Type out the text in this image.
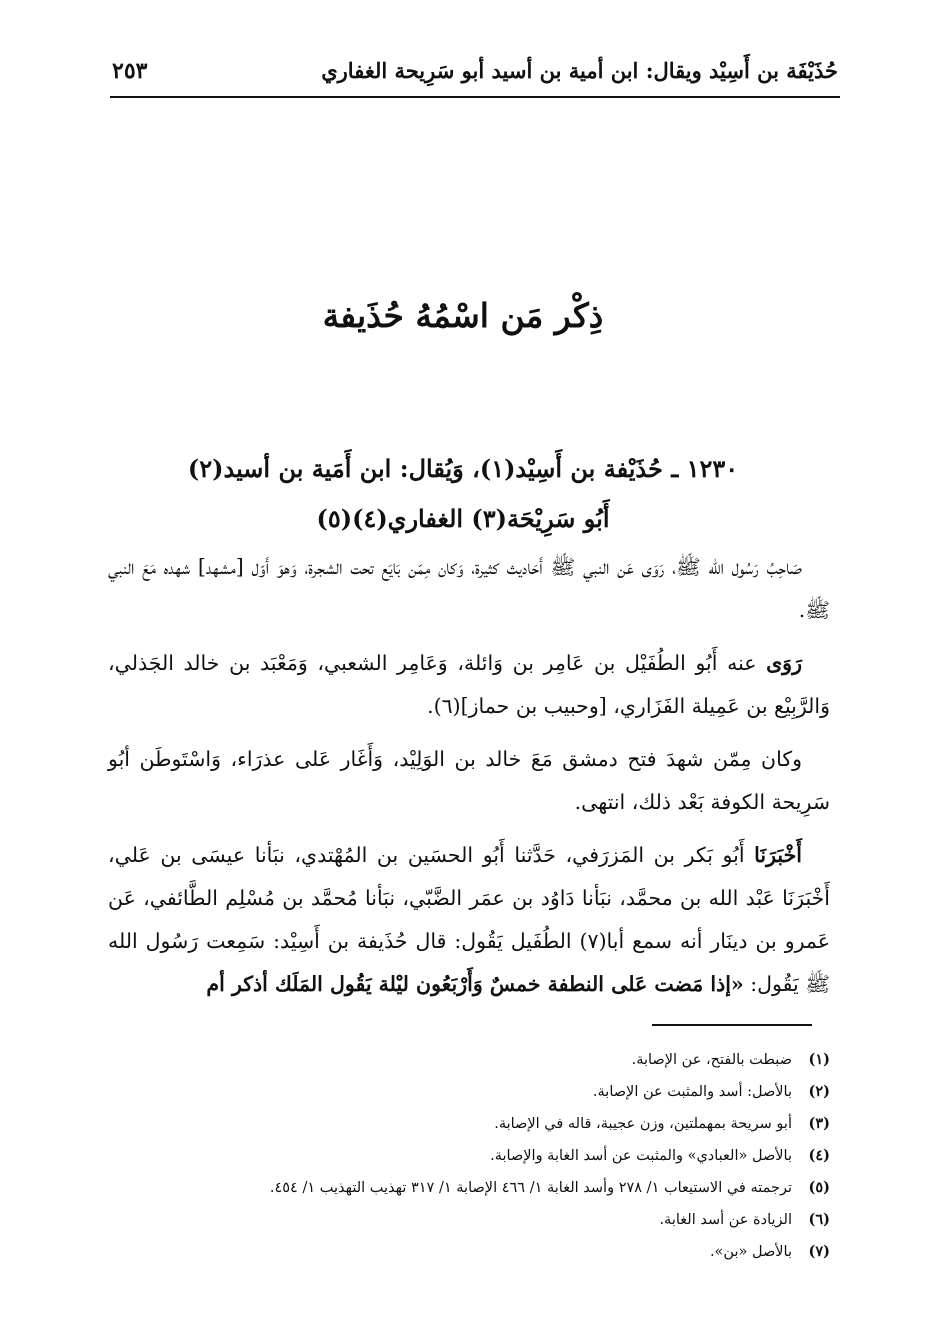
حُذَيْفَة بن أَسِيْد ويقال: ابن أمية بن أسيد أبو سَرِيحة الغفاري
٢٥٣
ذِكْر مَن اسْمُهُ حُذَيفة
١٢٣٠ ـ حُذَيْفة بن أَسِيْد(١)، وَيُقال: ابن أَمَية بن أسيد(٢)
أَبُو سَرِيْحَة(٣) الغفاري(٤)(٥)

صَاحِبُ رَسُول الله ﷺ، رَوَى عَن النبي ﷺ أَحَاديث كثيرة، وَكان مِمّن بَايَع تحت الشجرة، وَهوَ أَوّل [مشهد] شهده مَعَ النبي ﷺ.

رَوَى عنه أَبُو الطُفَيْل بن عَامِر بن وَائلة، وَعَامِر الشعبي، وَمَعْبَد بن خالد الجَذلي، وَالرَّبِيْع بن عَمِيلة الفَزَاري، [وحبيب بن حماز](٦).

وكان مِمّن شهدَ فتح دمشق مَعَ خالد بن الوَلِيْد، وَأَغَار عَلى عذرَاء، وَاسْتَوطَن أبُو سَرِيحة الكوفة بَعْد ذلك، انتهى.

أَخْبَرَنَا أَبُو بَكر بن المَزرَفي، حَدَّثنا أَبُو الحسَين بن المُهْتدي، نبَأنا عيسَى بن عَلي، أَخْبَرَنَا عَبْد الله بن محمَّد، نبَأنا دَاوُد بن عمَر الضَّبّي، نبَأنا مُحمَّد بن مُسْلِم الطَّائفي، عَن عَمرو بن دينَار أنه سمع أبا(٧) الطُفَيل يَقُول: قال حُذَيفة بن أَسِيْد: سَمِعت رَسُول الله ﷺ يَقُول: «إذا مَضت عَلى النطفة خمسٌ وَأَرْبَعُون ليْلة يَقُول المَلَك أذكر أم

(١)ضبطت بالفتح، عن الإصابة.
(٢)بالأصل: أسد والمثبت عن الإصابة.
(٣)أبو سريحة بمهملتين، وزن عجيبة، قاله في الإصابة.
(٤)بالأصل «العبادي» والمثبت عن أسد الغابة والإصابة.
(٥)ترجمته في الاستيعاب ١/ ٢٧٨ وأسد الغابة ١/ ٤٦٦ الإصابة ١/ ٣١٧ تهذيب التهذيب ١/ ٤٥٤.
(٦)الزيادة عن أسد الغابة.
(٧)بالأصل «بن».
